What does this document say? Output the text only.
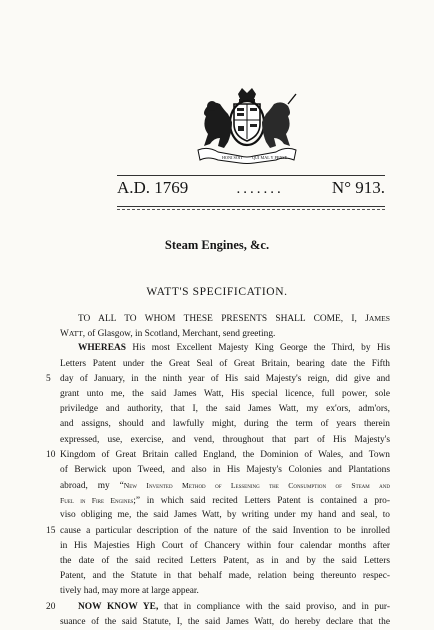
HONI SOIT QUI MAL Y PENSE
A.D. 1769	.......	N° 913.
Steam Engines, &c.
WATT'S SPECIFICATION.
TO ALL TO WHOM THESE PRESENTS SHALL COME, I, JAMES
WATT, of Glasgow, in Scotland, Merchant, send greeting.
WHEREAS His most Excellent Majesty King George the Third, by His
Letters Patent under the Great Seal of Great Britain, bearing date the Fifth
5 day of January, in the ninth year of His said Majesty's reign, did give and
grant unto me, the said James Watt, His special licence, full power, sole
priviledge and authority, that I, the said James Watt, my ex'ors, adm'ors,
and assigns, should and lawfully might, during the term of years therein
expressed, use, exercise, and vend, throughout that part of His Majesty's
10 Kingdom of Great Britain called England, the Dominion of Wales, and Town
of Berwick upon Tweed, and also in His Majesty's Colonies and Plantations
abroad, my “New Invented Method of Lessening the Consumption of Steam and
Fuel in Fire Engines;” in which said recited Letters Patent is contained a pro-
viso obliging me, the said James Watt, by writing under my hand and seal, to
15 cause a particular description of the nature of the said Invention to be inrolled
in His Majesties High Court of Chancery within four calendar months after
the date of the said recited Letters Patent, as in and by the said Letters
Patent, and the Statute in that behalf made, relation being thereunto respec-
tively had, may more at large appear.
20 NOW KNOW YE, that in compliance with the said proviso, and in pur-
suance of the said Statute, I, the said James Watt, do hereby declare that the
